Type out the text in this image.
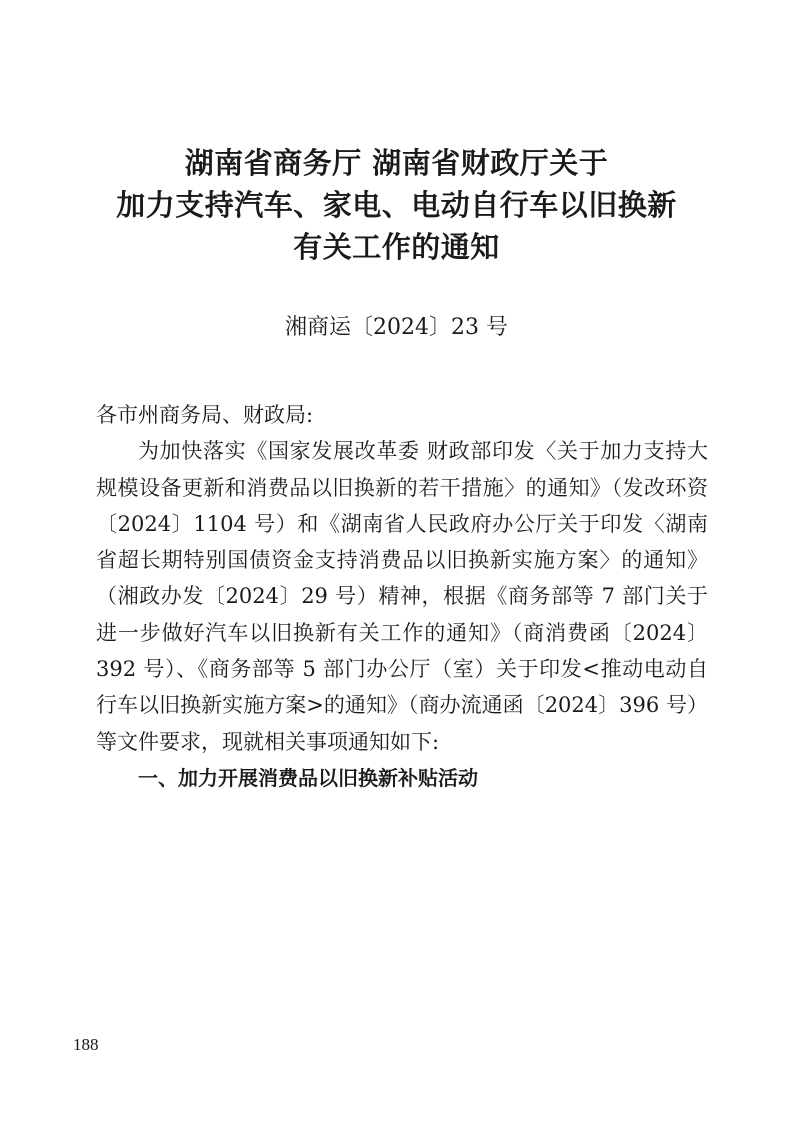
湖南省商务厅 湖南省财政厅关于
加力支持汽车、家电、电动自行车以旧换新
有关工作的通知
湘商运〔2024〕23 号

各市州商务局、财政局:

为加快落实《国家发展改革委 财政部印发〈关于加力支持大规模设备更新和消费品以旧换新的若干措施〉的通知》（发改环资〔2024〕1104 号）和《湖南省人民政府办公厅关于印发〈湖南省超长期特别国债资金支持消费品以旧换新实施方案〉的通知》（湘政办发〔2024〕29 号）精神，根据《商务部等 7 部门关于进一步做好汽车以旧换新有关工作的通知》（商消费函〔2024〕392 号）、《商务部等 5 部门办公厅（室）关于印发<推动电动自行车以旧换新实施方案>的通知》（商办流通函〔2024〕396 号）等文件要求，现就相关事项通知如下:

一、加力开展消费品以旧换新补贴活动

188
